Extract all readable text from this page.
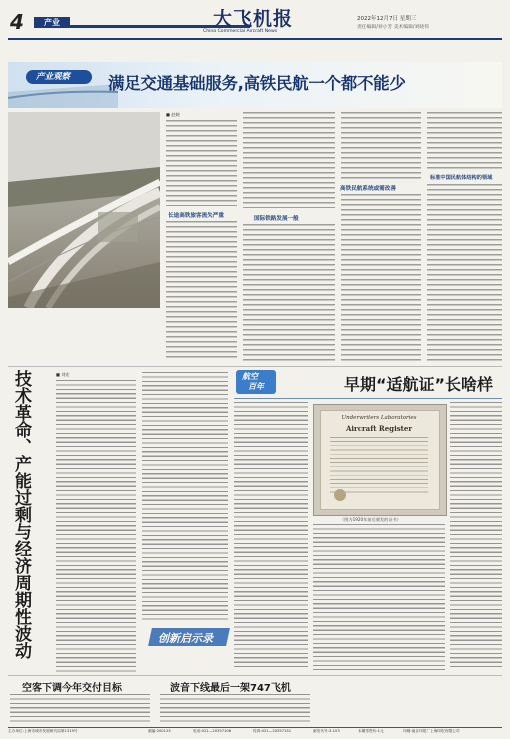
4	产业	大飞机报
China Commercial Aircraft News
2022年12月7日 星期三
责任编辑/刘小芳 美术编辑/刘晓伟
产业观察 满足交通基础服务,高铁民航一个都不能少
■ 赵婉
长途高铁旅客流失严重	国际铁路发展一般
高铁民航系统或需改善
标准中国民航体结构的领域
技术革命、产能过剩与经济周期性波动	■ 刘宏
创新启示录
航空
百年	早期“适航证”长啥样
Underwriters Laboratories
Aircraft Register
（图为1920年前后颁发的证书）
空客下调今年交付目标	波音下线最后一架747飞机
主办单位:上海市城市发展研究局第1319号	邮编:200125	电话:021—20357106	传真:021—20357151	邮发代号:3-103	本期零售价:1元	印刷:南京印报厂上海印报有限公司
